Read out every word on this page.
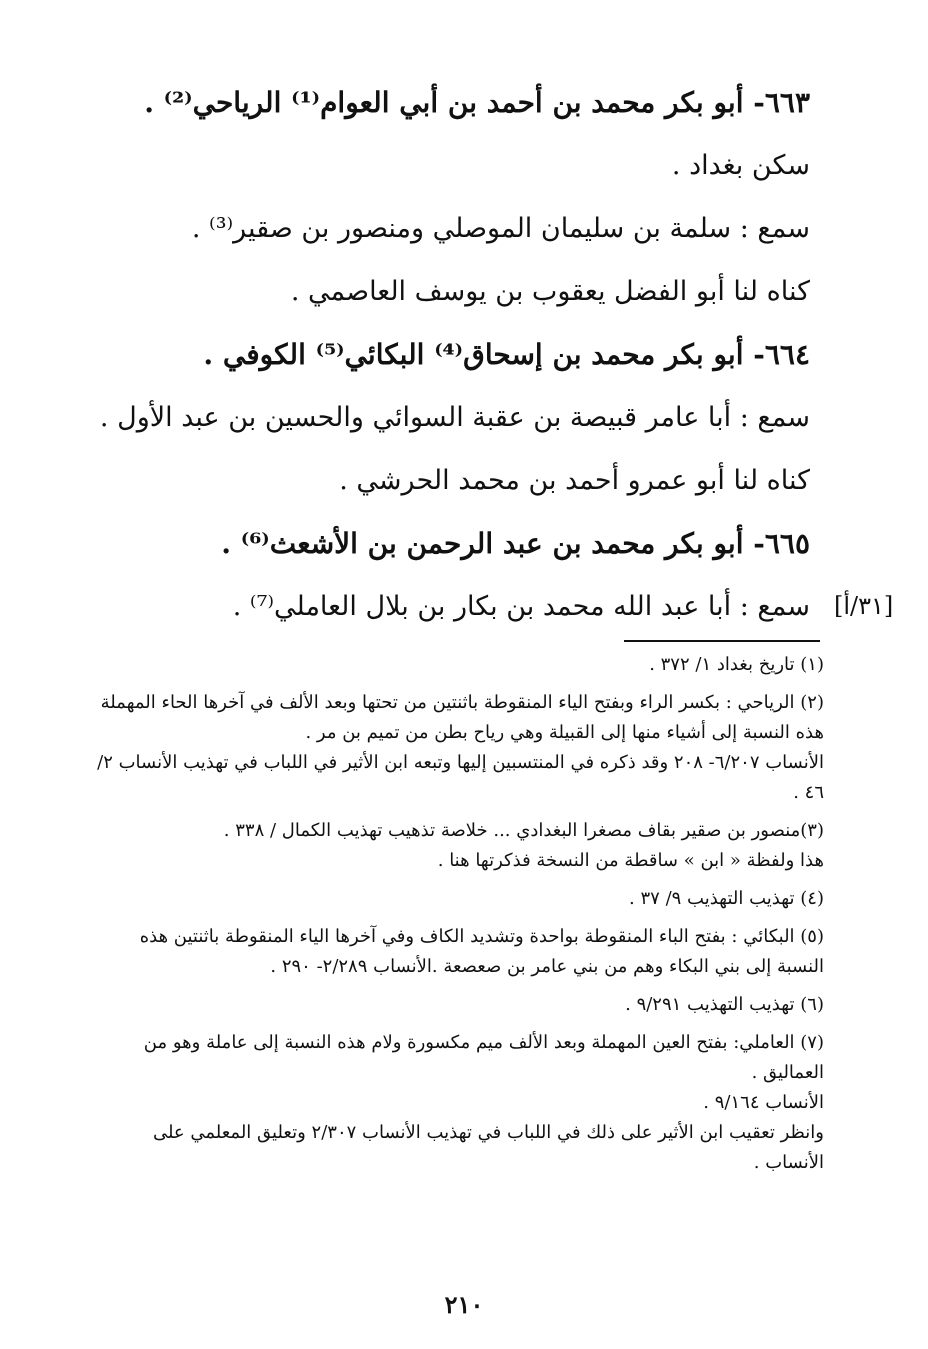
٦٦٣- أبو بكر محمد بن أحمد بن أبي العوام⁽¹⁾ الرياحي⁽²⁾ .
سكن بغداد .
سمع : سلمة بن سليمان الموصلي ومنصور بن صقير⁽³⁾ .
كناه لنا أبو الفضل يعقوب بن يوسف العاصمي .
٦٦٤- أبو بكر محمد بن إسحاق⁽⁴⁾ البكائي⁽⁵⁾ الكوفي .
سمع : أبا عامر قبيصة بن عقبة السوائي والحسين بن عبد الأول .
كناه لنا أبو عمرو أحمد بن محمد الحرشي .
٦٦٥- أبو بكر محمد بن عبد الرحمن بن الأشعث⁽⁶⁾ .
سمع : أبا عبد الله محمد بن بكار بن بلال العاملي⁽⁷⁾ . [٣١/أ]
(١) تاريخ بغداد ١/ ٣٧٢ .
(٢) الرياحي : بكسر الراء وبفتح الياء المنقوطة باثنتين من تحتها وبعد الألف في آخرها الحاء المهملة هذه النسبة إلى أشياء منها إلى القبيلة وهي رياح بطن من تميم بن مر .
الأنساب ٦/٢٠٧- ٢٠٨ وقد ذكره في المنتسبين إليها وتبعه ابن الأثير في اللباب في تهذيب الأنساب ٢/ ٤٦ .
(٣)منصور بن صقير بقاف مصغرا البغدادي ... خلاصة تذهيب تهذيب الكمال / ٣٣٨ .
هذا ولفظة « ابن » ساقطة من النسخة فذكرتها هنا .
(٤) تهذيب التهذيب ٩/ ٣٧ .
(٥) البكائي : بفتح الباء المنقوطة بواحدة وتشديد الكاف وفي آخرها الياء المنقوطة باثنتين هذه النسبة إلى بني البكاء وهم من بني عامر بن صعصعة .الأنساب ٢/٢٨٩- ٢٩٠ .
(٦) تهذيب التهذيب ٩/٢٩١ .
(٧) العاملي: بفتح العين المهملة وبعد الألف ميم مكسورة ولام هذه النسبة إلى عاملة وهو من العماليق .
الأنساب ٩/١٦٤ .
وانظر تعقيب ابن الأثير على ذلك في اللباب في تهذيب الأنساب ٢/٣٠٧ وتعليق المعلمي على الأنساب .
٢١٠
